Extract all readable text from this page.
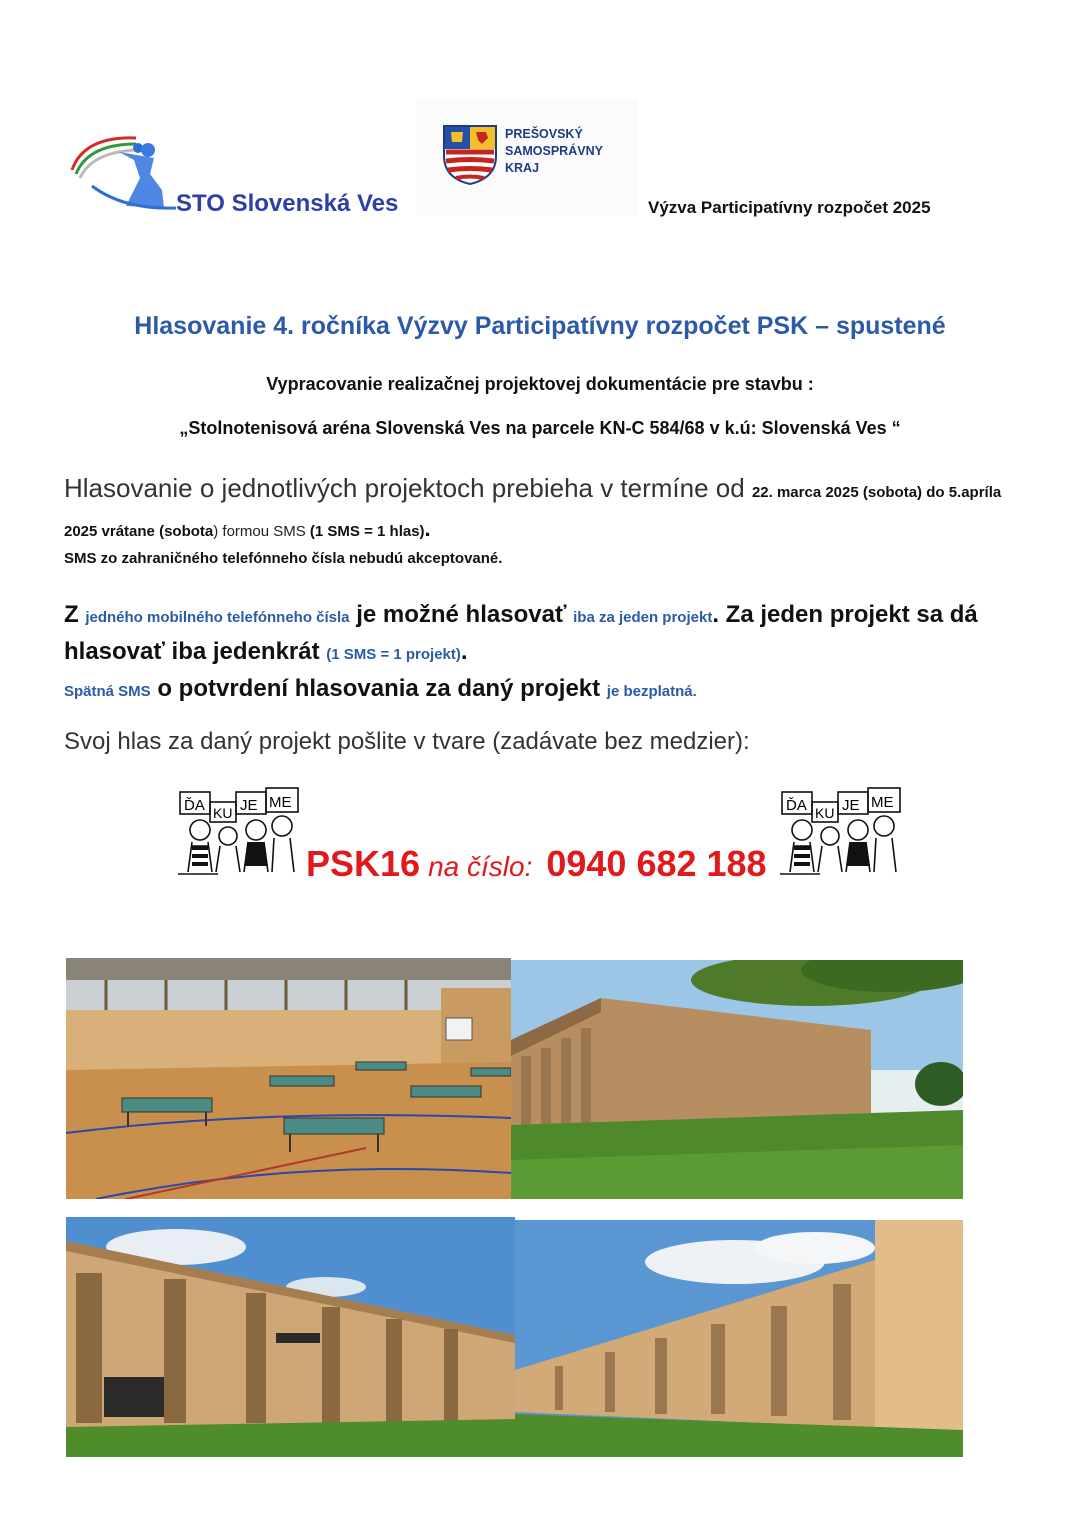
STO Slovenská Ves
PREŠOVSKÝ
SAMOSPRÁVNY
KRAJ
Výzva Participatívny rozpočet 2025
Hlasovanie 4. ročníka Výzvy Participatívny rozpočet PSK – spustené
Vypracovanie realizačnej projektovej dokumentácie pre stavbu :
„Stolnotenisová aréna Slovenská Ves na parcele KN-C 584/68 v k.ú: Slovenská Ves “
Hlasovanie o jednotlivých projektoch prebieha v termíne od 22. marca 2025 (sobota) do 5.apríla 2025 vrátane (sobota) formou SMS (1 SMS = 1 hlas).
SMS zo zahraničného telefónneho čísla nebudú akceptované.
Z jedného mobilného telefónneho čísla je možné hlasovať iba za jeden projekt. Za jeden projekt sa dá hlasovať iba jedenkrát (1 SMS = 1 projekt).
Spätná SMS o potvrdení hlasovania za daný projekt je bezplatná.
Svoj hlas za daný projekt pošlite v tvare (zadávate bez medzier):
ĎA KU JE ME
PSK16 na číslo: 0940 682 188
ĎA KU JE ME
